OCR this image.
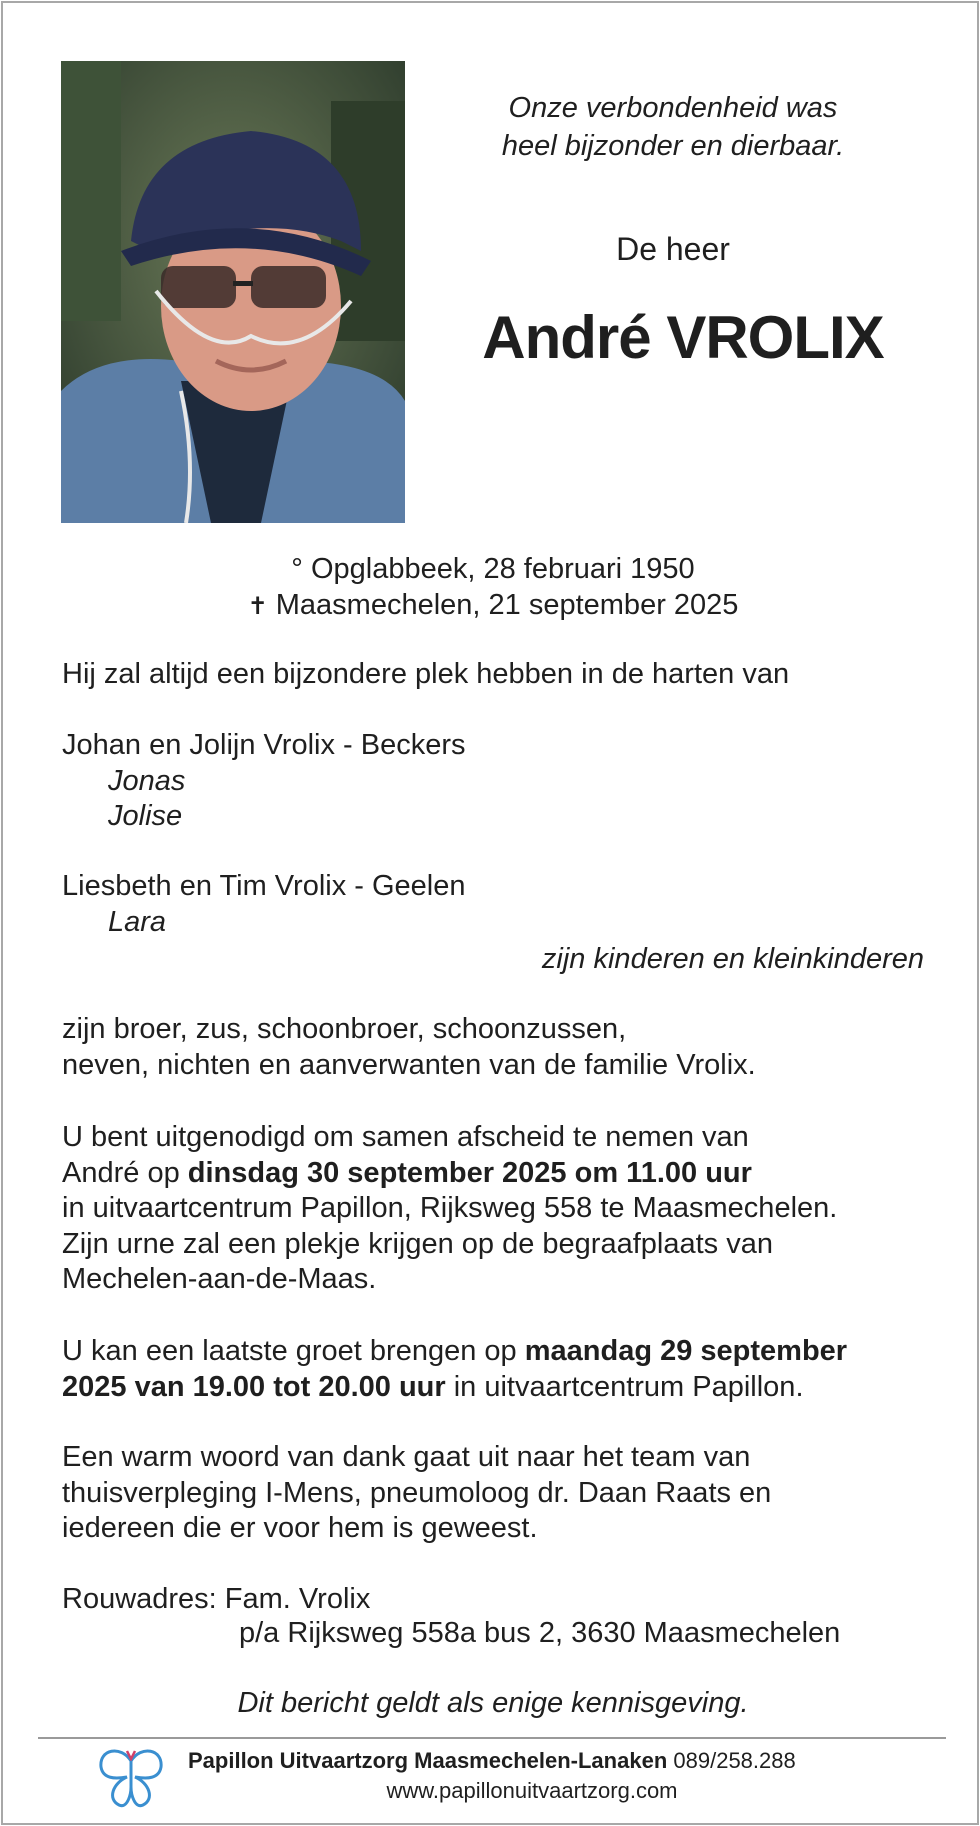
Onze verbondenheid was
heel bijzonder en dierbaar.
De heer
André VROLIX
° Opglabbeek, 28 februari 1950
✝ Maasmechelen, 21 september 2025
Hij zal altijd een bijzondere plek hebben in de harten van
Johan en Jolijn Vrolix - Beckers
Jonas
Jolise
Liesbeth en Tim Vrolix - Geelen
Lara
zijn kinderen en kleinkinderen
zijn broer, zus, schoonbroer, schoonzussen,
neven, nichten en aanverwanten van de familie Vrolix.
U bent uitgenodigd om samen afscheid te nemen van
André op dinsdag 30 september 2025 om 11.00 uur
in uitvaartcentrum Papillon, Rijksweg 558 te Maasmechelen.
Zijn urne zal een plekje krijgen op de begraafplaats van
Mechelen-aan-de-Maas.
U kan een laatste groet brengen op maandag 29 september
2025 van 19.00 tot 20.00 uur in uitvaartcentrum Papillon.
Een warm woord van dank gaat uit naar het team van
thuisverpleging I-Mens, pneumoloog dr. Daan Raats en
iedereen die er voor hem is geweest.
Rouwadres: Fam. Vrolix
p/a Rijksweg 558a bus 2, 3630 Maasmechelen
Dit bericht geldt als enige kennisgeving.
Papillon Uitvaartzorg Maasmechelen-Lanaken 089/258.288
www.papillonuitvaartzorg.com
